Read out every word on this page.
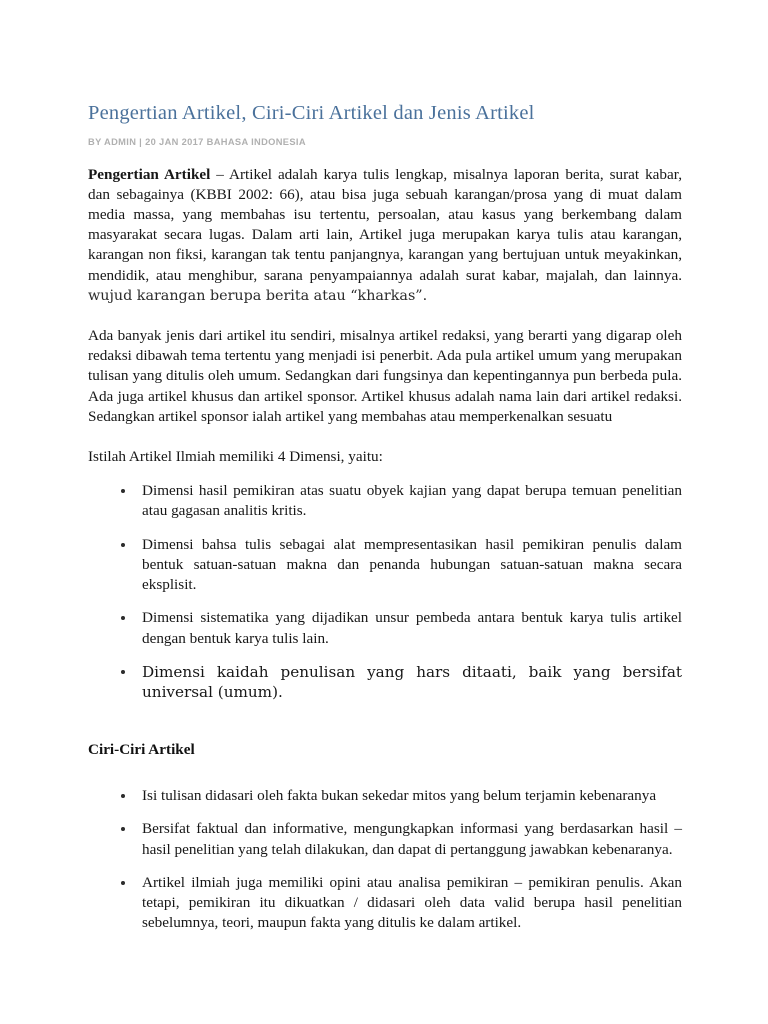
Pengertian Artikel, Ciri-Ciri Artikel dan Jenis Artikel
BY ADMIN | 20 JAN 2017 BAHASA INDONESIA

Pengertian Artikel – Artikel adalah karya tulis lengkap, misalnya laporan berita, surat kabar, dan sebagainya (KBBI 2002: 66), atau bisa juga sebuah karangan/prosa yang di muat dalam media massa, yang membahas isu tertentu, persoalan, atau kasus yang berkembang dalam masyarakat secara lugas. Dalam arti lain, Artikel juga merupakan karya tulis atau karangan, karangan non fiksi, karangan tak tentu panjangnya, karangan yang bertujuan untuk meyakinkan, mendidik, atau menghibur, sarana penyampaiannya adalah surat kabar, majalah, dan lainnya. wujud karangan berupa berita atau “kharkas”.

Ada banyak jenis dari artikel itu sendiri, misalnya artikel redaksi, yang berarti yang digarap oleh redaksi dibawah tema tertentu yang menjadi isi penerbit. Ada pula artikel umum yang merupakan tulisan yang ditulis oleh umum. Sedangkan dari fungsinya dan kepentingannya pun berbeda pula. Ada juga artikel khusus dan artikel sponsor. Artikel khusus adalah nama lain dari artikel redaksi. Sedangkan artikel sponsor ialah artikel yang membahas atau memperkenalkan sesuatu

Istilah Artikel Ilmiah memiliki 4 Dimensi, yaitu:

Dimensi hasil pemikiran atas suatu obyek kajian yang dapat berupa temuan penelitian atau gagasan analitis kritis.
Dimensi bahsa tulis sebagai alat mempresentasikan hasil pemikiran penulis dalam bentuk satuan-satuan makna dan penanda hubungan satuan-satuan makna secara eksplisit.
Dimensi sistematika yang dijadikan unsur pembeda antara bentuk karya tulis artikel dengan bentuk karya tulis lain.
Dimensi kaidah penulisan yang hars ditaati, baik yang bersifat universal (umum).
Ciri-Ciri Artikel
Isi tulisan didasari oleh fakta bukan sekedar mitos yang belum terjamin kebenaranya
Bersifat faktual dan informative, mengungkapkan informasi yang berdasarkan hasil – hasil penelitian yang telah dilakukan, dan dapat di pertanggung jawabkan kebenaranya.
Artikel ilmiah juga memiliki opini atau analisa pemikiran – pemikiran penulis. Akan tetapi, pemikiran itu dikuatkan / didasari oleh data valid berupa hasil penelitian sebelumnya, teori, maupun fakta yang ditulis ke dalam artikel.
